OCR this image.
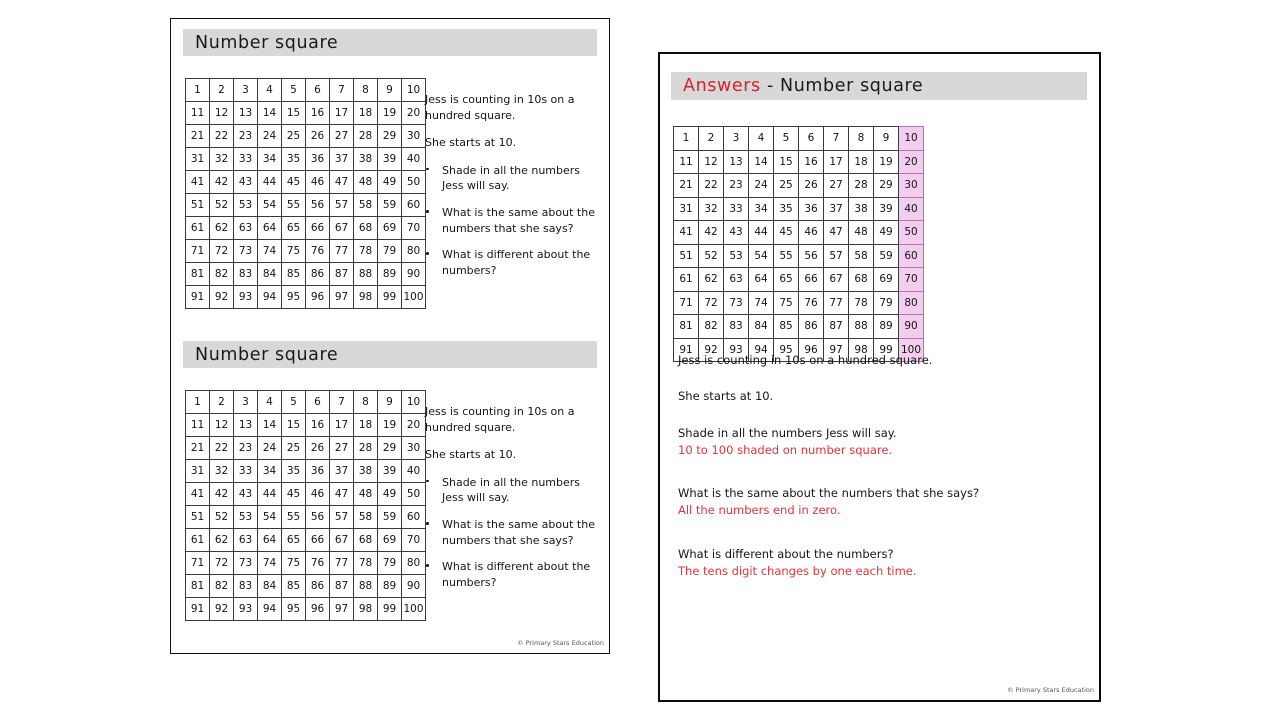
Number square
1	2	3	4	5	6	7	8	9	10
11	12	13	14	15	16	17	18	19	20
21	22	23	24	25	26	27	28	29	30
31	32	33	34	35	36	37	38	39	40
41	42	43	44	45	46	47	48	49	50
51	52	53	54	55	56	57	58	59	60
61	62	63	64	65	66	67	68	69	70
71	72	73	74	75	76	77	78	79	80
81	82	83	84	85	86	87	88	89	90
91	92	93	94	95	96	97	98	99	100

Jess is counting in 10s on a hundred square.

She starts at 10.

Shade in all the numbers Jess will say.
What is the same about the numbers that she says?
What is different about the numbers?
Number square
1	2	3	4	5	6	7	8	9	10
11	12	13	14	15	16	17	18	19	20
21	22	23	24	25	26	27	28	29	30
31	32	33	34	35	36	37	38	39	40
41	42	43	44	45	46	47	48	49	50
51	52	53	54	55	56	57	58	59	60
61	62	63	64	65	66	67	68	69	70
71	72	73	74	75	76	77	78	79	80
81	82	83	84	85	86	87	88	89	90
91	92	93	94	95	96	97	98	99	100

Jess is counting in 10s on a hundred square.

She starts at 10.

Shade in all the numbers Jess will say.
What is the same about the numbers that she says?
What is different about the numbers?
© Primary Stars Education
Answers - Number square
1	2	3	4	5	6	7	8	9	10
11	12	13	14	15	16	17	18	19	20
21	22	23	24	25	26	27	28	29	30
31	32	33	34	35	36	37	38	39	40
41	42	43	44	45	46	47	48	49	50
51	52	53	54	55	56	57	58	59	60
61	62	63	64	65	66	67	68	69	70
71	72	73	74	75	76	77	78	79	80
81	82	83	84	85	86	87	88	89	90
91	92	93	94	95	96	97	98	99	100

Jess is counting in 10s on a hundred square.

She starts at 10.

Shade in all the numbers Jess will say.

10 to 100 shaded on number square.

What is the same about the numbers that she says?

All the numbers end in zero.

What is different about the numbers?

The tens digit changes by one each time.

© Primary Stars Education
